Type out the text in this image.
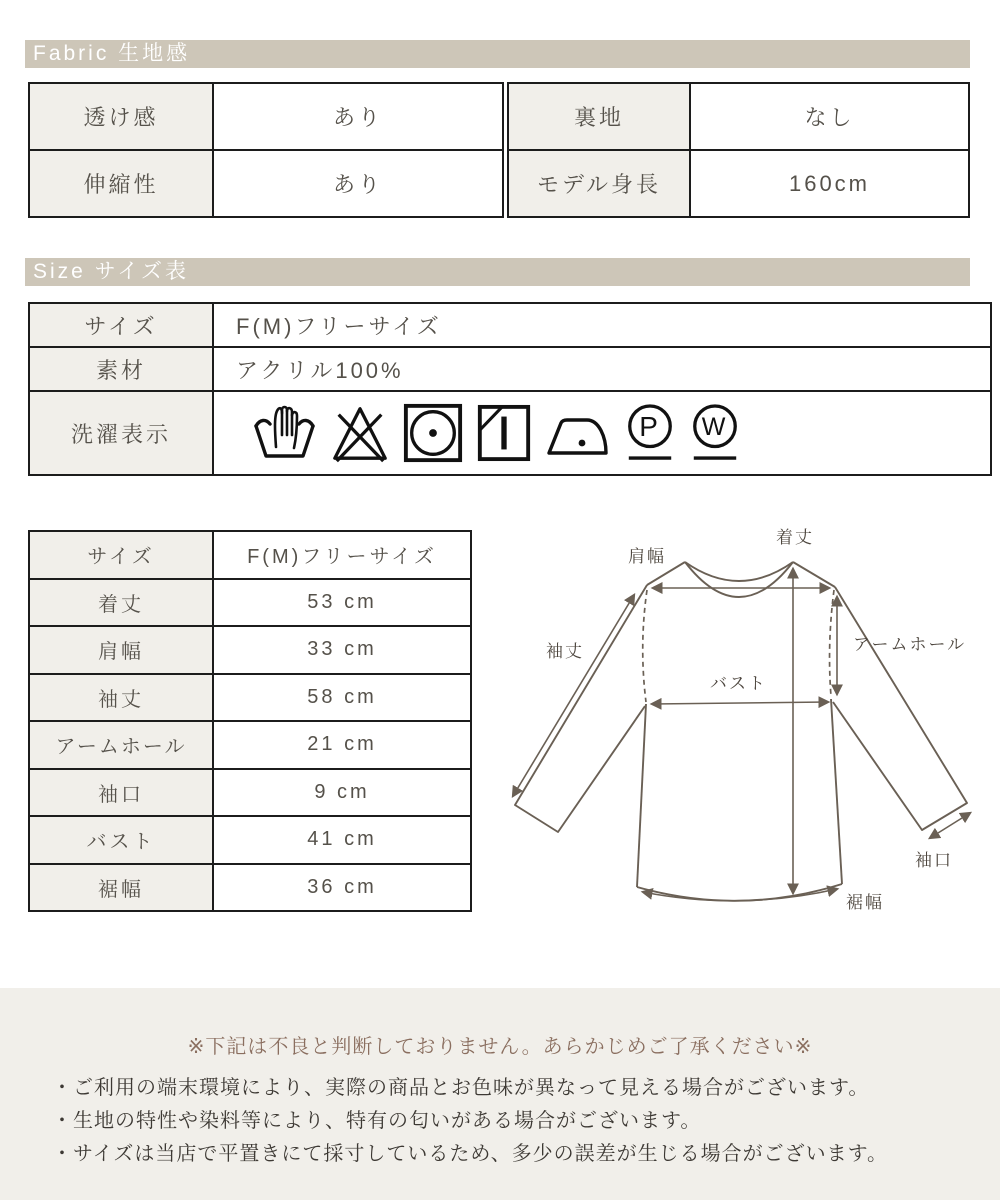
Fabric 生地感
透け感	あり
伸縮性	あり
裏地	なし
モデル身長	160cm
Size サイズ表
サイズ	F(M)フリーサイズ
素材	アクリル100%
洗濯表示	P W
サイズ	F(M)フリーサイズ
着丈	53 cm
肩幅	33 cm
袖丈	58 cm
アームホール	21 cm
袖口	9 cm
バスト	41 cm
裾幅	36 cm
肩幅
着丈
袖丈	アームホール
バスト
袖口
裾幅
※下記は不良と判断しておりません。あらかじめご了承ください※
・ご利用の端末環境により、実際の商品とお色味が異なって見える場合がございます。
・生地の特性や染料等により、特有の匂いがある場合がございます。
・サイズは当店で平置きにて採寸しているため、多少の誤差が生じる場合がございます。
